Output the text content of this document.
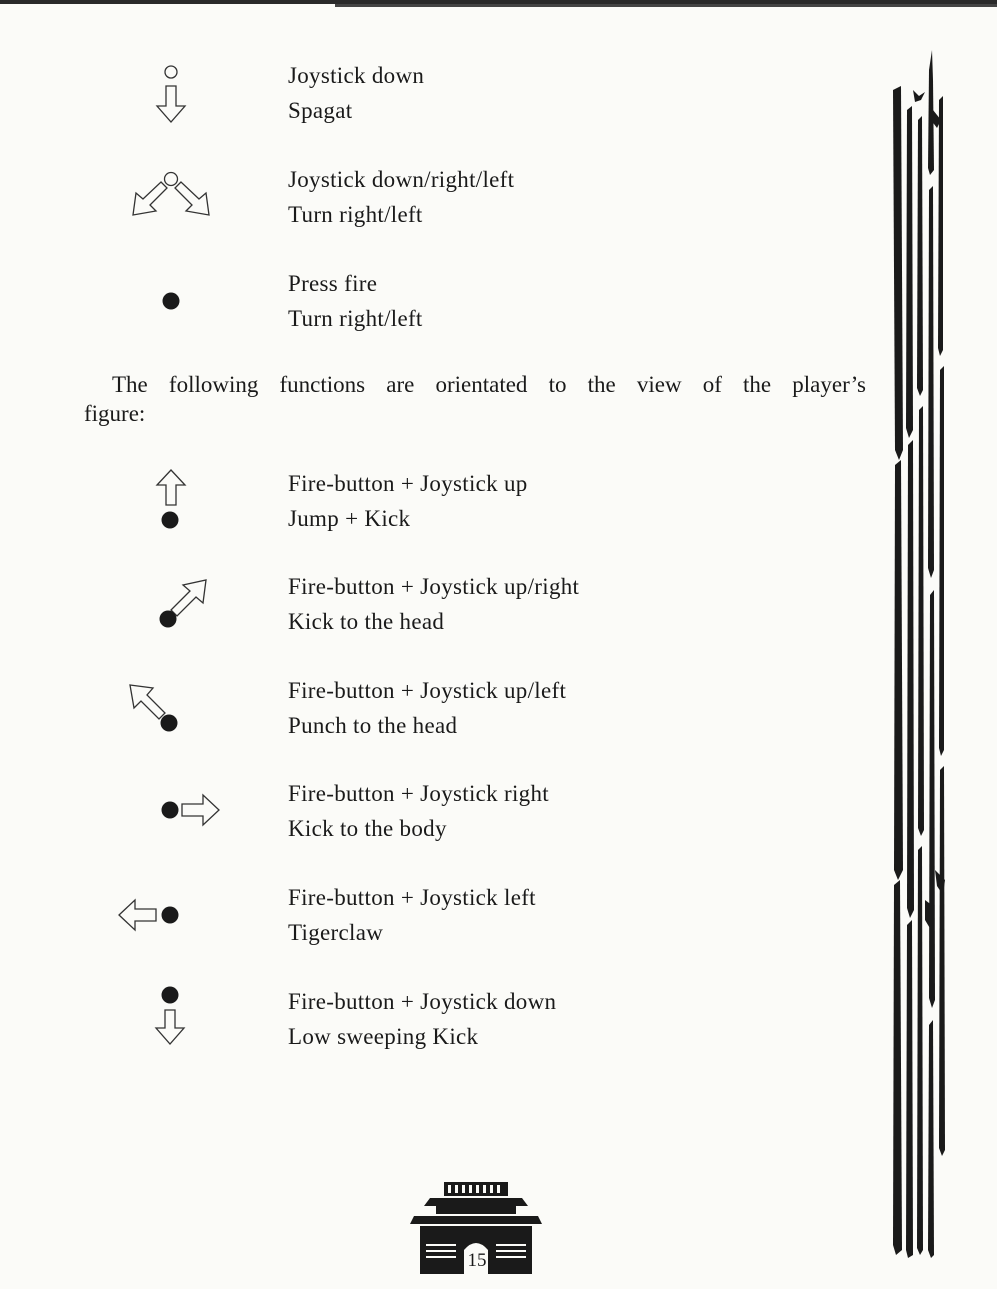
Joystick down
Spagat
Joystick down/right/left
Turn right/left
Press fire
Turn right/left
The following functions are orientated to the view of the player’s
figure:
Fire-button + Joystick up
Jump + Kick
Fire-button + Joystick up/right
Kick to the head
Fire-button + Joystick up/left
Punch to the head
Fire-button + Joystick right
Kick to the body
Fire-button + Joystick left
Tigerclaw
Fire-button + Joystick down
Low sweeping Kick
15
